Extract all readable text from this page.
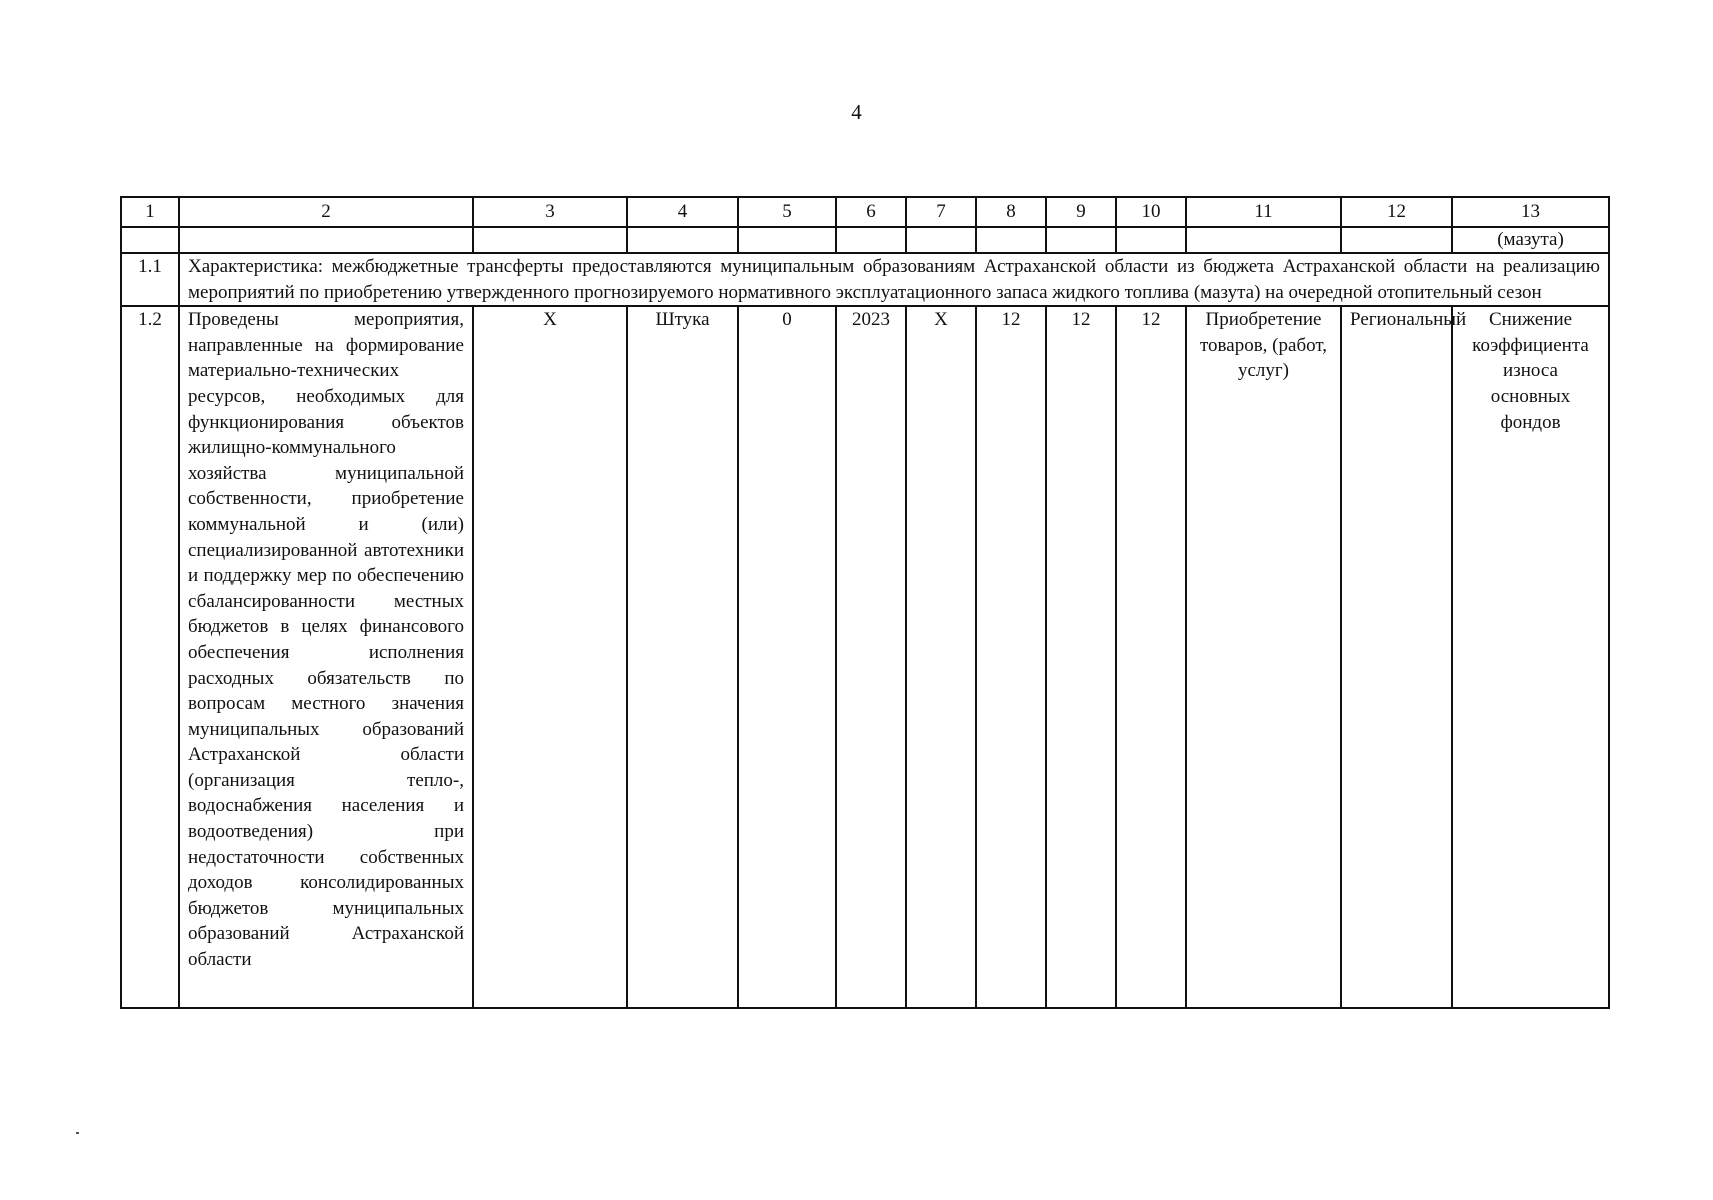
4
1	2	3	4	5	6	7	8	9	10	11	12	13
												(мазута)
1.1	Характеристика: межбюджетные трансферты предоставляются муниципальным образованиям Астраханской области из бюджета Астраханской области на реализацию мероприятий по приобретению утвержденного прогнозируемого нормативного эксплуатационного запаса жидкого топлива (мазута) на очередной отопительный сезон											
1.2	Проведены мероприятия, направленные на формирование материально-технических ресурсов, необходимых для функционирования объектов жилищно-коммунального хозяйства муниципальной собственности, приобретение коммунальной и (или) специализированной автотехники и поддержку мер по обеспечению сбалансированности местных бюджетов в целях финансового обеспечения исполнения расходных обязательств по вопросам местного значения муниципальных образований Астраханской области (организация тепло-, водоснабжения населения и водоотведения) при недостаточности собственных доходов консолидированных бюджетов муниципальных образований Астраханской области	Х	Штука	0	2023	Х	12	12	12	Приобретение товаров, (работ, услуг)	Региональный	Снижение коэффициента износа основных фондов
